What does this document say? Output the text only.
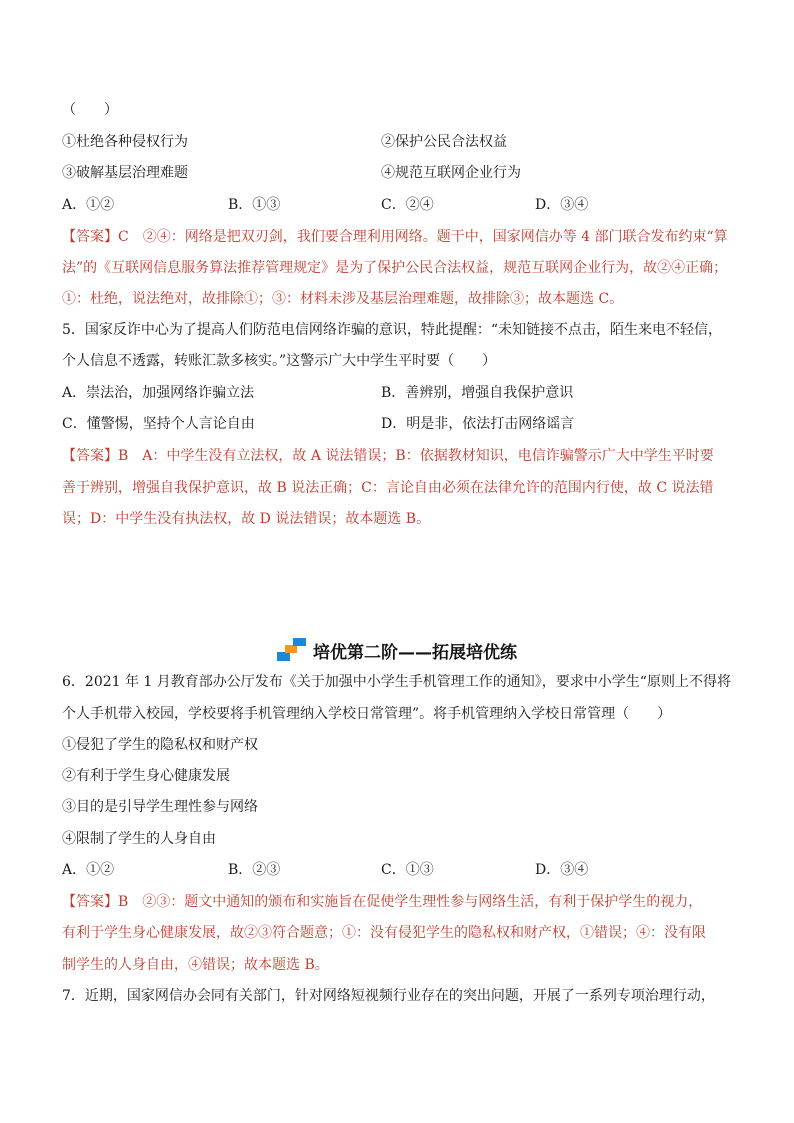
（　　）
①杜绝各种侵权行为	②保护公民合法权益
③破解基层治理难题	④规范互联网企业行为
A．①②	B．①③	C．②④	D．③④
【答案】C　②④：网络是把双刃剑，我们要合理利用网络。题干中，国家网信办等 4 部门联合发布约束“算
法”的《互联网信息服务算法推荐管理规定》是为了保护公民合法权益，规范互联网企业行为，故②④正确；
①：杜绝，说法绝对，故排除①；③：材料未涉及基层治理难题，故排除③；故本题选 C。
5．国家反诈中心为了提高人们防范电信网络诈骗的意识，特此提醒：“未知链接不点击，陌生来电不轻信，
个人信息不透露，转账汇款多核实。”这警示广大中学生平时要（　　）
A．崇法治，加强网络诈骗立法	B．善辨别，增强自我保护意识
C．懂警惕，坚持个人言论自由	D．明是非，依法打击网络谣言
【答案】B　A：中学生没有立法权，故 A 说法错误；B：依据教材知识，电信诈骗警示广大中学生平时要
善于辨别，增强自我保护意识，故 B 说法正确；C：言论自由必须在法律允许的范围内行使，故 C 说法错
误；D：中学生没有执法权，故 D 说法错误；故本题选 B。
培优第二阶——拓展培优练
6．2021 年 1 月教育部办公厅发布《关于加强中小学生手机管理工作的通知》，要求中小学生“原则上不得将
个人手机带入校园，学校要将手机管理纳入学校日常管理”。将手机管理纳入学校日常管理（　　）
①侵犯了学生的隐私权和财产权
②有利于学生身心健康发展
③目的是引导学生理性参与网络
④限制了学生的人身自由
A．①②	B．②③	C．①③	D．③④
【答案】B　②③：题文中通知的颁布和实施旨在促使学生理性参与网络生活，有利于保护学生的视力，
有利于学生身心健康发展，故②③符合题意；①：没有侵犯学生的隐私权和财产权，①错误；④：没有限
制学生的人身自由，④错误；故本题选 B。
7．近期，国家网信办会同有关部门，针对网络短视频行业存在的突出问题，开展了一系列专项治理行动，
